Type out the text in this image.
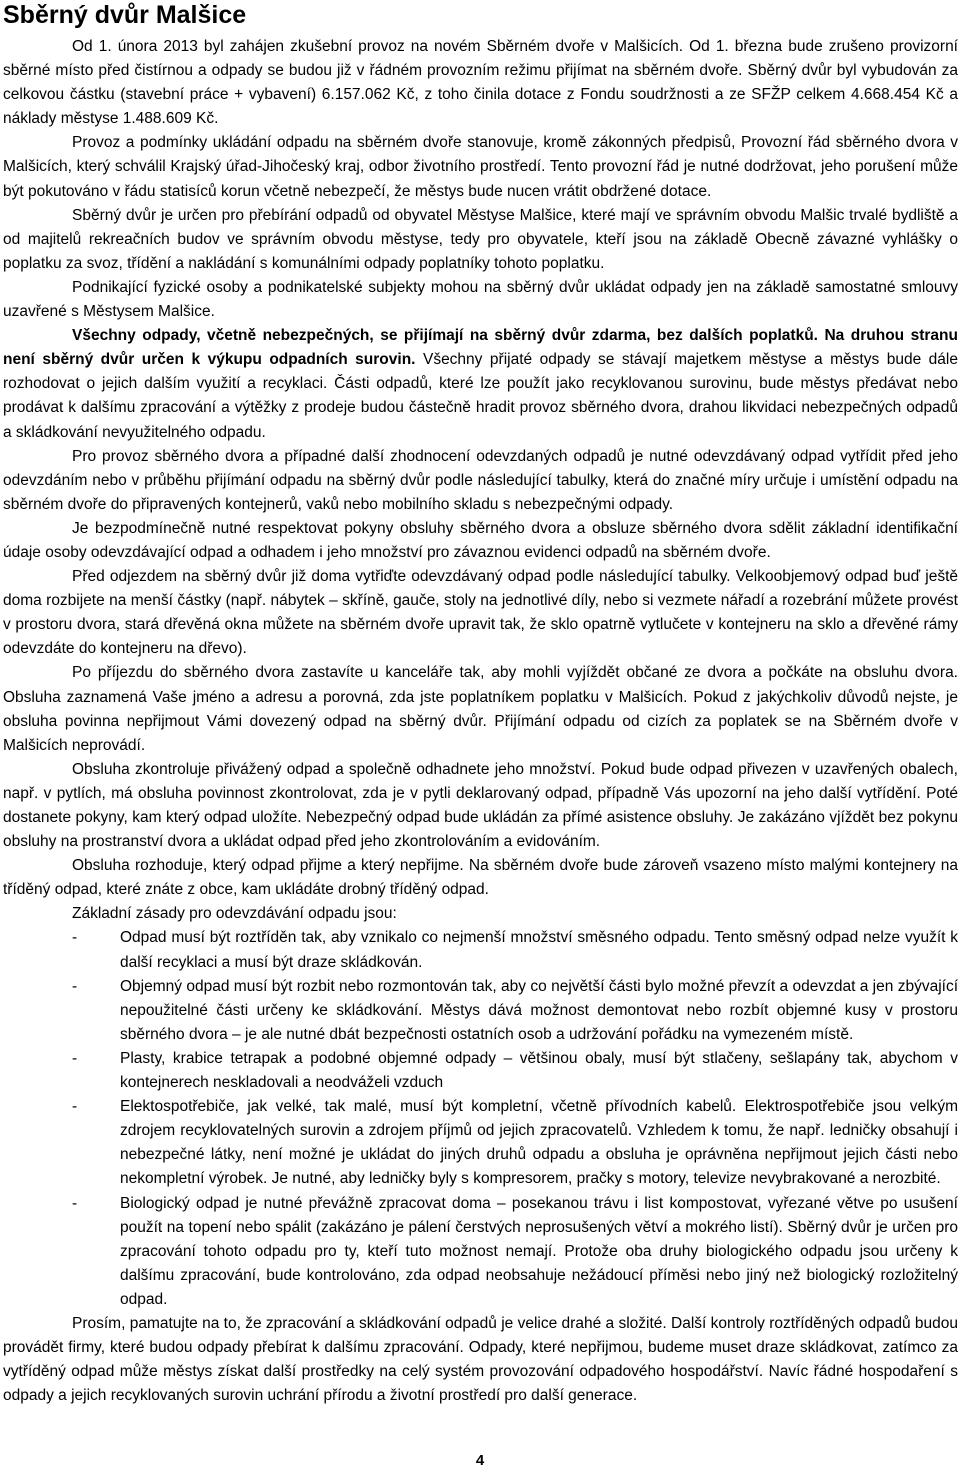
Sběrný dvůr Malšice

Od 1. února 2013 byl zahájen zkušební provoz na novém Sběrném dvoře v Malšicích. Od 1. března bude zrušeno provizorní sběrné místo před čistírnou a odpady se budou již v řádném provozním režimu přijímat na sběrném dvoře. Sběrný dvůr byl vybudován za celkovou částku (stavební práce + vybavení) 6.157.062 Kč, z toho činila dotace z Fondu soudržnosti a ze SFŽP celkem 4.668.454 Kč a náklady městyse 1.488.609 Kč.

Provoz a podmínky ukládání odpadu na sběrném dvoře stanovuje, kromě zákonných předpisů, Provozní řád sběrného dvora v Malšicích, který schválil Krajský úřad-Jihočeský kraj, odbor životního prostředí. Tento provozní řád je nutné dodržovat, jeho porušení může být pokutováno v řádu statisíců korun včetně nebezpečí, že městys bude nucen vrátit obdržené dotace.

Sběrný dvůr je určen pro přebírání odpadů od obyvatel Městyse Malšice, které mají ve správním obvodu Malšic trvalé bydliště a od majitelů rekreačních budov ve správním obvodu městyse, tedy pro obyvatele, kteří jsou na základě Obecně závazné vyhlášky o poplatku za svoz, třídění a nakládání s komunálními odpady poplatníky tohoto poplatku.

Podnikající fyzické osoby a podnikatelské subjekty mohou na sběrný dvůr ukládat odpady jen na základě samostatné smlouvy uzavřené s Městysem Malšice.

Všechny odpady, včetně nebezpečných, se přijímají na sběrný dvůr zdarma, bez dalších poplatků. Na druhou stranu není sběrný dvůr určen k výkupu odpadních surovin. Všechny přijaté odpady se stávají majetkem městyse a městys bude dále rozhodovat o jejich dalším využití a recyklaci. Části odpadů, které lze použít jako recyklovanou surovinu, bude městys předávat nebo prodávat k dalšímu zpracování a výtěžky z prodeje budou částečně hradit provoz sběrného dvora, drahou likvidaci nebezpečných odpadů a skládkování nevyužitelného odpadu.

Pro provoz sběrného dvora a případné další zhodnocení odevzdaných odpadů je nutné odevzdávaný odpad vytřídit před jeho odevzdáním nebo v průběhu přijímání odpadu na sběrný dvůr podle následující tabulky, která do značné míry určuje i umístění odpadu na sběrném dvoře do připravených kontejnerů, vaků nebo mobilního skladu s nebezpečnými odpady.

Je bezpodmínečně nutné respektovat pokyny obsluhy sběrného dvora a obsluze sběrného dvora sdělit základní identifikační údaje osoby odevzdávající odpad a odhadem i jeho množství pro závaznou evidenci odpadů na sběrném dvoře.

Před odjezdem na sběrný dvůr již doma vytřiďte odevzdávaný odpad podle následující tabulky. Velkoobjemový odpad buď ještě doma rozbijete na menší částky (např. nábytek – skříně, gauče, stoly na jednotlivé díly, nebo si vezmete nářadí a rozebrání můžete provést v prostoru dvora, stará dřevěná okna můžete na sběrném dvoře upravit tak, že sklo opatrně vytlučete v kontejneru na sklo a dřevěné rámy odevzdáte do kontejneru na dřevo).

Po příjezdu do sběrného dvora zastavíte u kanceláře tak, aby mohli vyjíždět občané ze dvora a počkáte na obsluhu dvora. Obsluha zaznamená Vaše jméno a adresu a porovná, zda jste poplatníkem poplatku v Malšicích. Pokud z jakýchkoliv důvodů nejste, je obsluha povinna nepřijmout Vámi dovezený odpad na sběrný dvůr. Přijímání odpadu od cizích za poplatek se na Sběrném dvoře v Malšicích neprovádí.

Obsluha zkontroluje přivážený odpad a společně odhadnete jeho množství. Pokud bude odpad přivezen v uzavřených obalech, např. v pytlích, má obsluha povinnost zkontrolovat, zda je v pytli deklarovaný odpad, případně Vás upozorní na jeho další vytřídění. Poté dostanete pokyny, kam který odpad uložíte. Nebezpečný odpad bude ukládán za přímé asistence obsluhy. Je zakázáno vjíždět bez pokynu obsluhy na prostranství dvora a ukládat odpad před jeho zkontrolováním a evidováním.

Obsluha rozhoduje, který odpad přijme a který nepřijme. Na sběrném dvoře bude zároveň vsazeno místo malými kontejnery na tříděný odpad, které znáte z obce, kam ukládáte drobný tříděný odpad.

Základní zásady pro odevzdávání odpadu jsou:

-	Odpad musí být roztříděn tak, aby vznikalo co nejmenší množství směsného odpadu. Tento směsný odpad nelze využít k další recyklaci a musí být draze skládkován.
-	Objemný odpad musí být rozbit nebo rozmontován tak, aby co největší části bylo možné převzít a odevzdat a jen zbývající nepoužitelné části určeny ke skládkování. Městys dává možnost demontovat nebo rozbít objemné kusy v prostoru sběrného dvora – je ale nutné dbát bezpečnosti ostatních osob a udržování pořádku na vymezeném místě.
-	Plasty, krabice tetrapak a podobné objemné odpady – většinou obaly, musí být stlačeny, sešlapány tak, abychom v kontejnerech neskladovali a neodváželi vzduch
-	Elektospotřebiče, jak velké, tak malé, musí být kompletní, včetně přívodních kabelů. Elektrospotřebiče jsou velkým zdrojem recyklovatelných surovin a zdrojem příjmů od jejich zpracovatelů. Vzhledem k tomu, že např. ledničky obsahují i nebezpečné látky, není možné je ukládat do jiných druhů odpadu a obsluha je oprávněna nepřijmout jejich části nebo nekompletní výrobek. Je nutné, aby ledničky byly s kompresorem, pračky s motory, televize nevybrakované a nerozbité.
-	Biologický odpad je nutné převážně zpracovat doma – posekanou trávu i list kompostovat, vyřezané větve po usušení použít na topení nebo spálit (zakázáno je pálení čerstvých neprosušených větví a mokrého listí). Sběrný dvůr je určen pro zpracování tohoto odpadu pro ty, kteří tuto možnost nemají. Protože oba druhy biologického odpadu jsou určeny k dalšímu zpracování, bude kontrolováno, zda odpad neobsahuje nežádoucí příměsi nebo jiný než biologický rozložitelný odpad.

Prosím, pamatujte na to, že zpracování a skládkování odpadů je velice drahé a složité. Další kontroly roztříděných odpadů budou provádět firmy, které budou odpady přebírat k dalšímu zpracování. Odpady, které nepřijmou, budeme muset draze skládkovat, zatímco za vytříděný odpad může městys získat další prostředky na celý systém provozování odpadového hospodářství. Navíc řádné hospodaření s odpady a jejich recyklovaných surovin uchrání přírodu a životní prostředí pro další generace.

4
